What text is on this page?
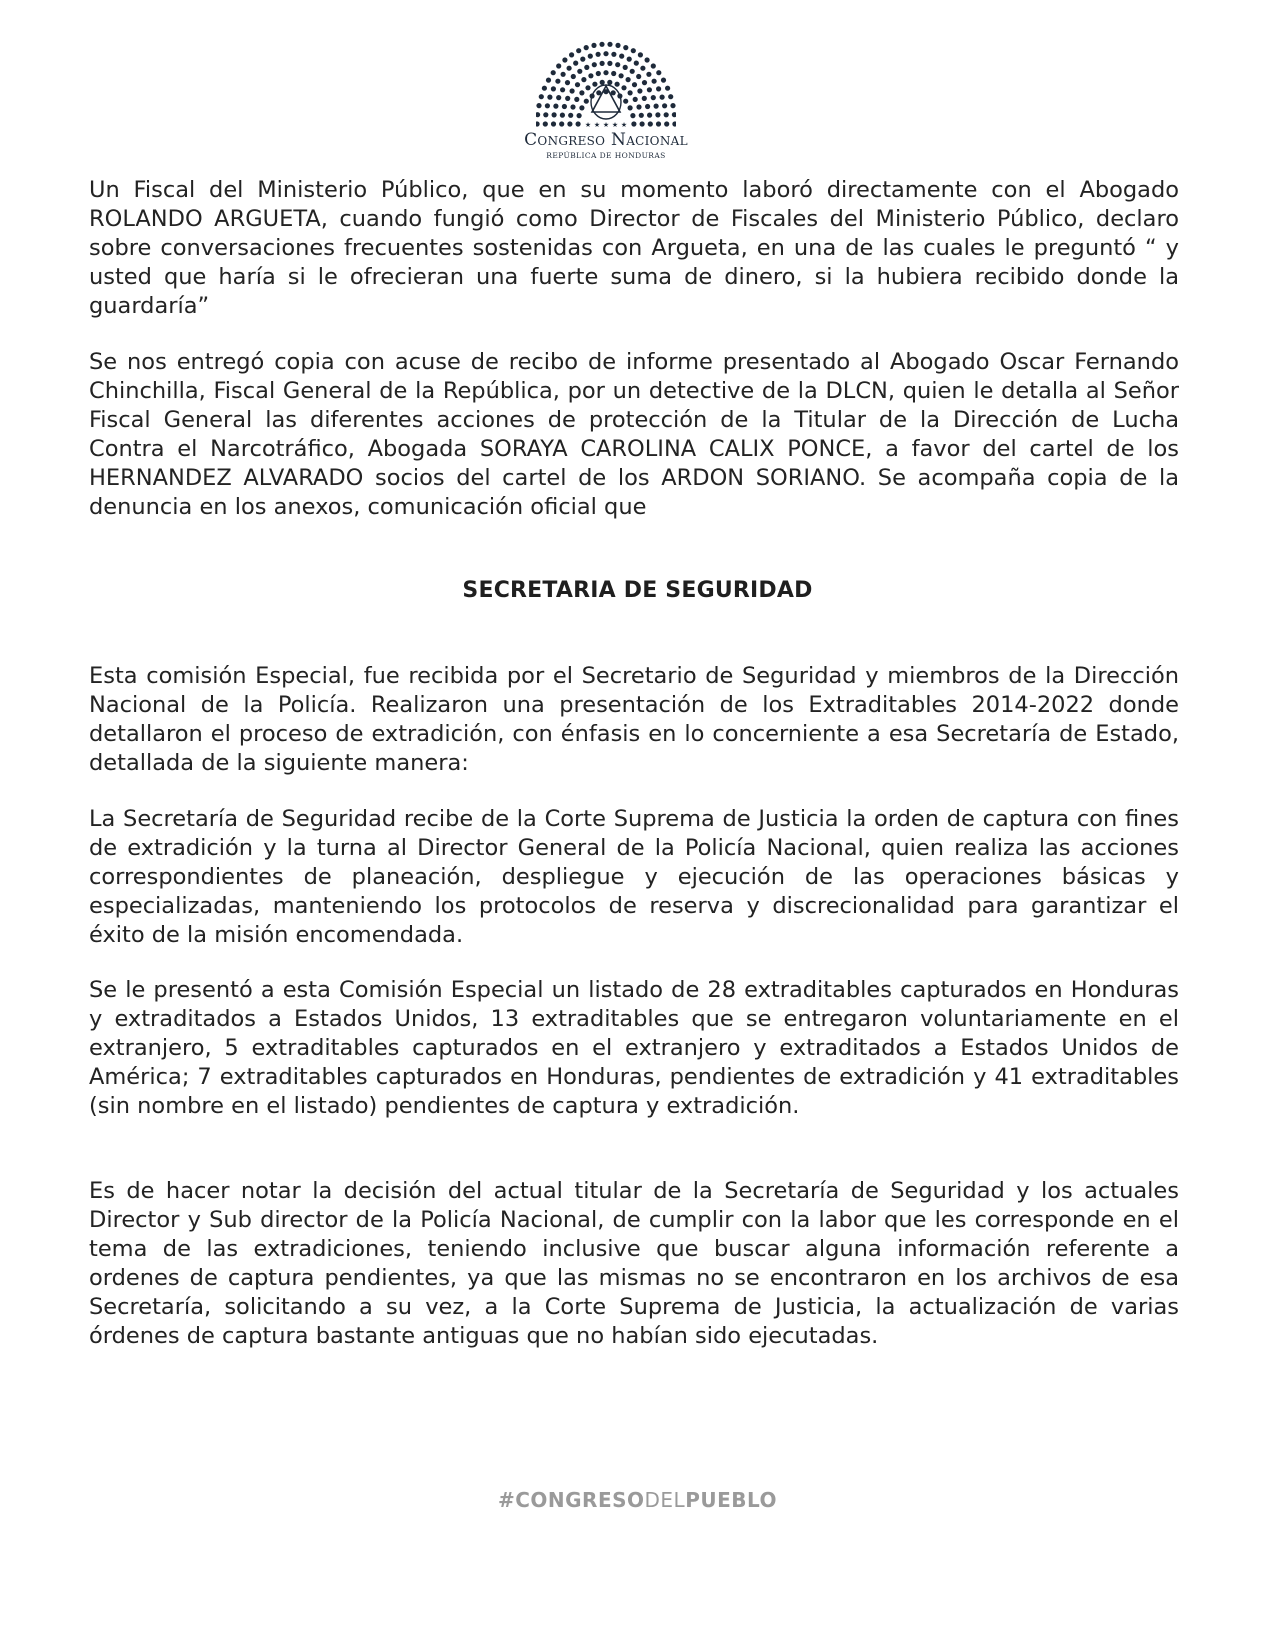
★ ★ ★ ★ ★
Congreso Nacional
REPÚBLICA DE HONDURAS

Un Fiscal del Ministerio Público, que en su momento laboró directamente con el Abogado ROLANDO ARGUETA, cuando fungió como Director de Fiscales del Ministerio Público, declaro sobre conversaciones frecuentes sostenidas con Argueta, en una de las cuales le preguntó “ y usted que haría si le ofrecieran una fuerte suma de dinero, si la hubiera recibido donde la guardaría”

Se nos entregó copia con acuse de recibo de informe presentado al Abogado Oscar Fernando Chinchilla, Fiscal General de la República, por un detective de la DLCN, quien le detalla al Señor Fiscal General las diferentes acciones de protección de la Titular de la Dirección de Lucha Contra el Narcotráfico, Abogada SORAYA CAROLINA CALIX PONCE, a favor del cartel de los HERNANDEZ ALVARADO socios del cartel de los ARDON SORIANO. Se acompaña copia de la denuncia en los anexos, comunicación oficial que

SECRETARIA DE SEGURIDAD

Esta comisión Especial, fue recibida por el Secretario de Seguridad y miembros de la Dirección Nacional de la Policía. Realizaron una presentación de los Extraditables 2014-2022 donde detallaron el proceso de extradición, con énfasis en lo concerniente a esa Secretaría de Estado, detallada de la siguiente manera:

La Secretaría de Seguridad recibe de la Corte Suprema de Justicia la orden de captura con fines de extradición y la turna al Director General de la Policía Nacional, quien realiza las acciones correspondientes de planeación, despliegue y ejecución de las operaciones básicas y especializadas, manteniendo los protocolos de reserva y discrecionalidad para garantizar el éxito de la misión encomendada.

Se le presentó a esta Comisión Especial un listado de 28 extraditables capturados en Honduras y extraditados a Estados Unidos, 13 extraditables que se entregaron voluntariamente en el extranjero, 5 extraditables capturados en el extranjero y extraditados a Estados Unidos de América; 7 extraditables capturados en Honduras, pendientes de extradición y 41 extraditables (sin nombre en el listado) pendientes de captura y extradición.

Es de hacer notar la decisión del actual titular de la Secretaría de Seguridad y los actuales Director y Sub director de la Policía Nacional, de cumplir con la labor que les corresponde en el tema de las extradiciones, teniendo inclusive que buscar alguna información referente a ordenes de captura pendientes, ya que las mismas no se encontraron en los archivos de esa Secretaría, solicitando a su vez, a la Corte Suprema de Justicia, la actualización de varias órdenes de captura bastante antiguas que no habían sido ejecutadas.

#CONGRESODELPUEBLO
